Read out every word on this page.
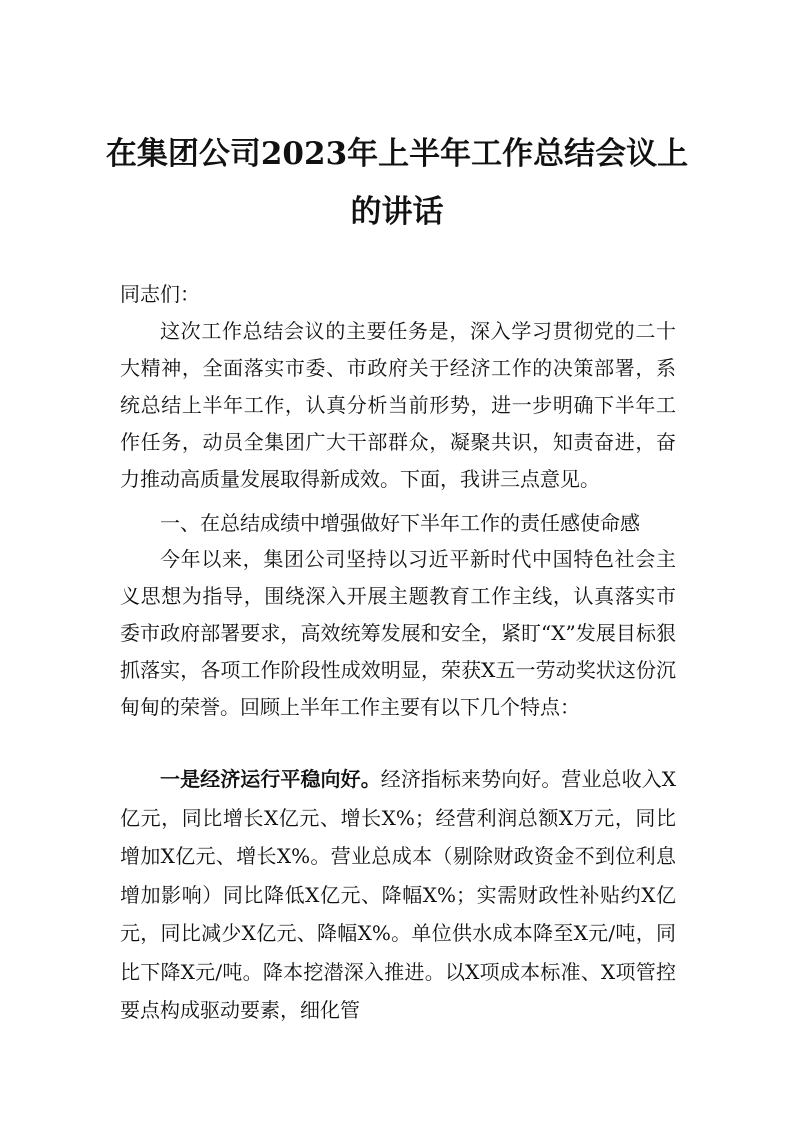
在集团公司2023年上半年工作总结会议上
的讲话

同志们：

这次工作总结会议的主要任务是，深入学习贯彻党的二十大精神，全面落实市委、市政府关于经济工作的决策部署，系统总结上半年工作，认真分析当前形势，进一步明确下半年工作任务，动员全集团广大干部群众，凝聚共识，知责奋进，奋力推动高质量发展取得新成效。下面，我讲三点意见。

一、在总结成绩中增强做好下半年工作的责任感使命感

今年以来，集团公司坚持以习近平新时代中国特色社会主义思想为指导，围绕深入开展主题教育工作主线，认真落实市委市政府部署要求，高效统筹发展和安全，紧盯“X”发展目标狠抓落实，各项工作阶段性成效明显，荣获X五一劳动奖状这份沉甸甸的荣誉。回顾上半年工作主要有以下几个特点：

一是经济运行平稳向好。经济指标来势向好。营业总收入X亿元，同比增长X亿元、增长X%；经营利润总额X万元，同比增加X亿元、增长X%。营业总成本（剔除财政资金不到位利息增加影响）同比降低X亿元、降幅X%；实需财政性补贴约X亿元，同比减少X亿元、降幅X%。单位供水成本降至X元/吨，同比下降X元/吨。降本挖潜深入推进。以X项成本标准、X项管控要点构成驱动要素，细化管
